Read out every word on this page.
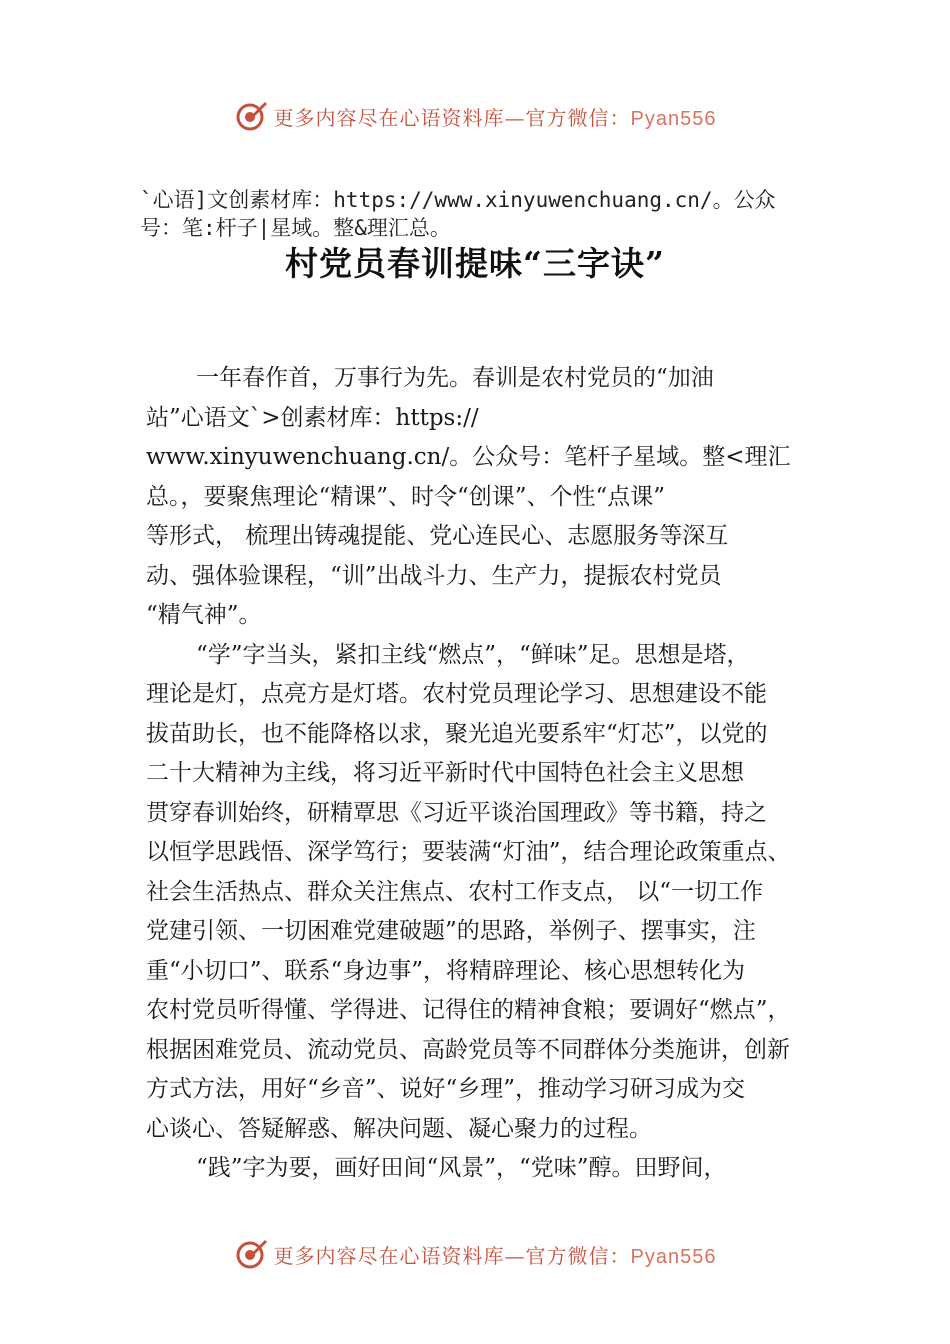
更多内容尽在心语资料库—官方微信：Pyan556
`心语]文创素材库：https://www.xinyuwenchuang.cn/。公众
号：笔:杆子|星域。整&理汇总。
村党员春训提味“三字诀”
一年春作首，万事行为先。春训是农村党员的“加油
站”心语文`>创素材库：https://
www.xinyuwenchuang.cn/。公众号：笔杆子星域。整<理汇
总。，要聚焦理论“精课”、时令“创课”、个性“点课”
等形式， 梳理出铸魂提能、党心连民心、志愿服务等深互
动、强体验课程，“训”出战斗力、生产力，提振农村党员
“精气神”。
“学”字当头，紧扣主线“燃点”，“鲜味”足。思想是塔，
理论是灯，点亮方是灯塔。农村党员理论学习、思想建设不能
拔苗助长，也不能降格以求，聚光追光要系牢“灯芯”，以党的
二十大精神为主线，将习近平新时代中国特色社会主义思想
贯穿春训始终，研精覃思《习近平谈治国理政》等书籍，持之
以恒学思践悟、深学笃行；要装满“灯油”，结合理论政策重点、
社会生活热点、群众关注焦点、农村工作支点， 以“一切工作
党建引领、一切困难党建破题”的思路，举例子、摆事实，注
重“小切口”、联系“身边事”，将精辟理论、核心思想转化为
农村党员听得懂、学得进、记得住的精神食粮；要调好“燃点”，
根据困难党员、流动党员、高龄党员等不同群体分类施讲，创新
方式方法，用好“乡音”、说好“乡理”，推动学习研习成为交
心谈心、答疑解惑、解决问题、凝心聚力的过程。
“践”字为要，画好田间“风景”，“党味”醇。田野间，
更多内容尽在心语资料库—官方微信：Pyan556
